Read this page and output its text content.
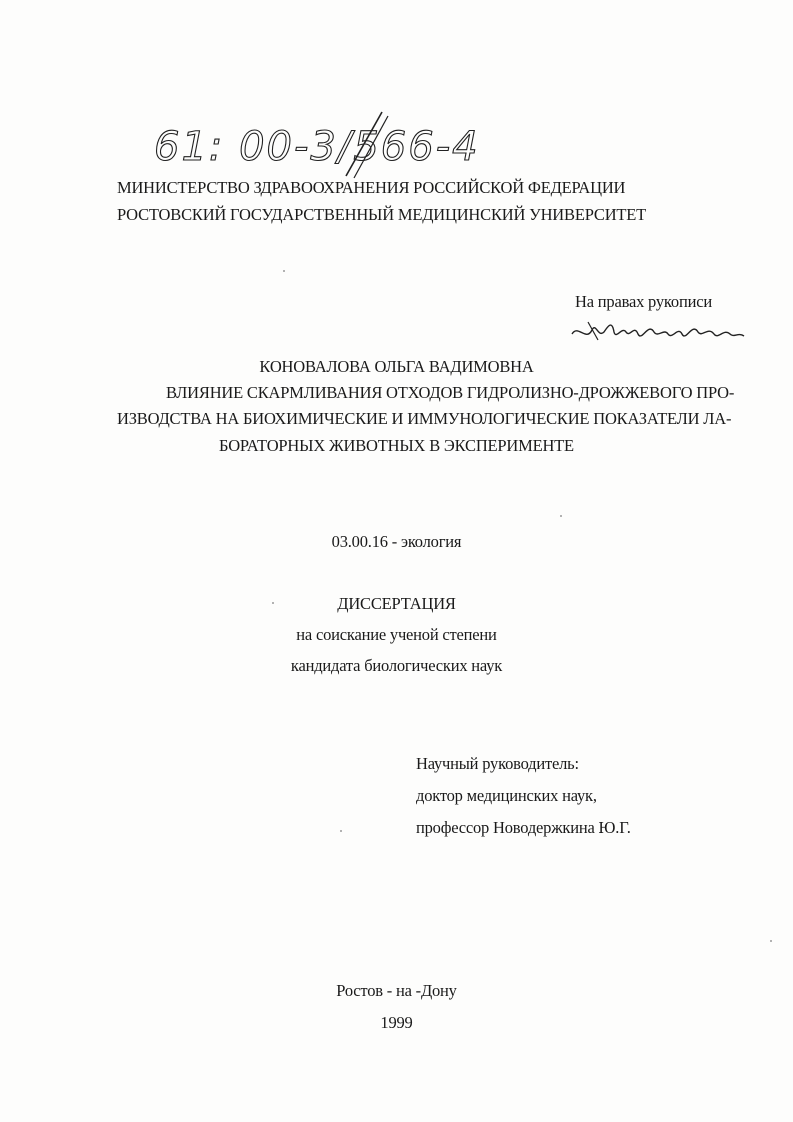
61: 00-3/566-4
МИНИСТЕРСТВО ЗДРАВООХРАНЕНИЯ РОССИЙСКОЙ ФЕДЕРАЦИИ
РОСТОВСКИЙ ГОСУДАРСТВЕННЫЙ МЕДИЦИНСКИЙ УНИВЕРСИТЕТ
На правах рукописи
КОНОВАЛОВА ОЛЬГА ВАДИМОВНА
ВЛИЯНИЕ СКАРМЛИВАНИЯ ОТХОДОВ ГИДРОЛИЗНО-ДРОЖЖЕВОГО ПРО-
ИЗВОДСТВА НА БИОХИМИЧЕСКИЕ И ИММУНОЛОГИЧЕСКИЕ ПОКАЗАТЕЛИ ЛА-
БОРАТОРНЫХ ЖИВОТНЫХ В ЭКСПЕРИМЕНТЕ
03.00.16 - экология
ДИССЕРТАЦИЯ
на соискание ученой степени
кандидата биологических наук
Научный руководитель:
доктор медицинских наук,
профессор Новодержкина Ю.Г.
Ростов - на -Дону
1999
